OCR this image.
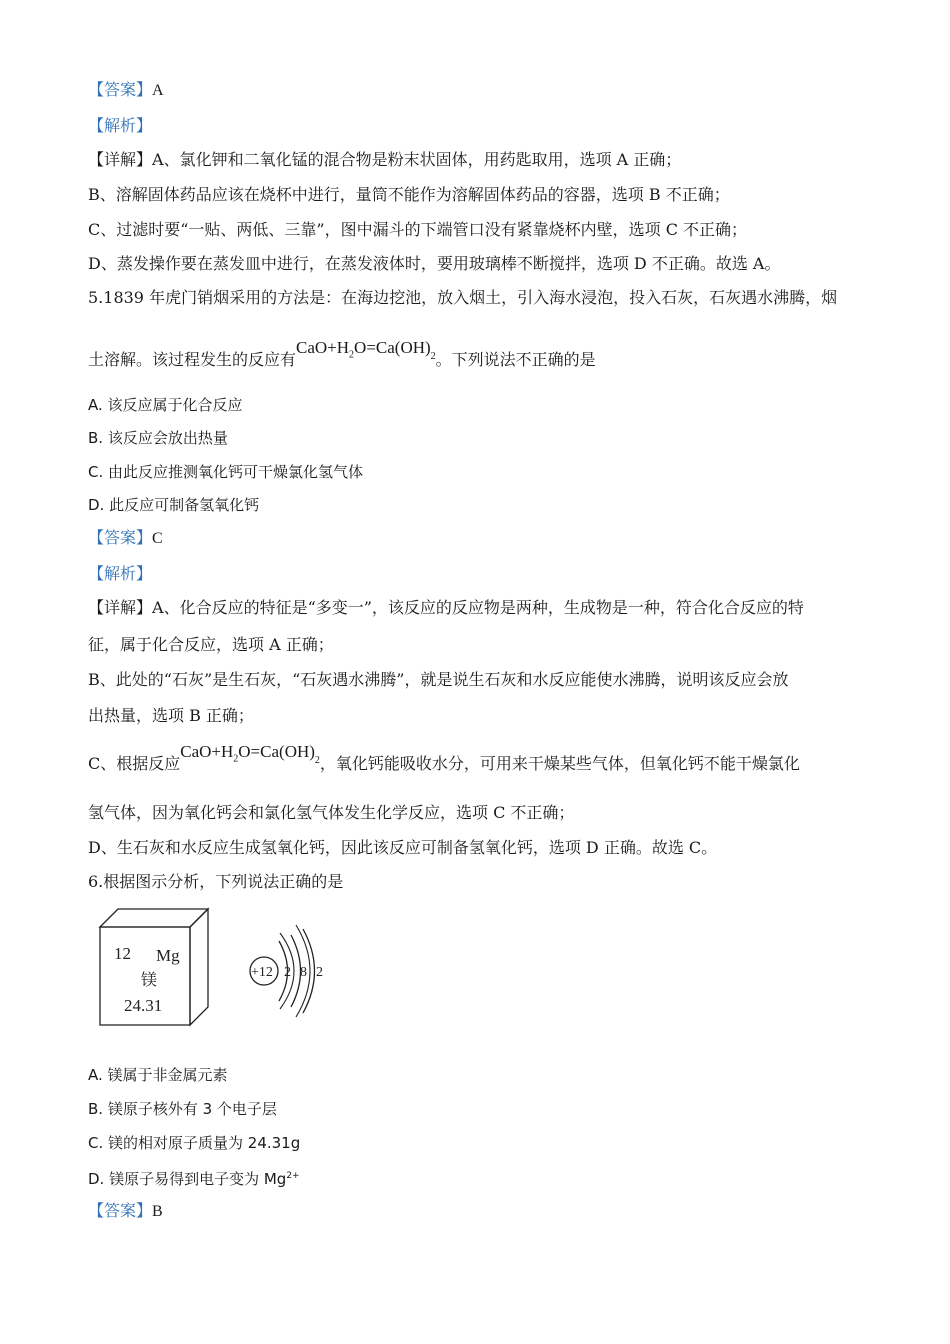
【答案】A
【解析】
【详解】A、氯化钾和二氧化锰的混合物是粉末状固体，用药匙取用，选项 A 正确；
B、溶解固体药品应该在烧杯中进行，量筒不能作为溶解固体药品的容器，选项 B 不正确；
C、过滤时要“一贴、两低、三靠”，图中漏斗的下端管口没有紧靠烧杯内壁，选项 C 不正确；
D、蒸发操作要在蒸发皿中进行，在蒸发液体时，要用玻璃棒不断搅拌，选项 D 不正确。故选 A。
5.1839 年虎门销烟采用的方法是：在海边挖池，放入烟土，引入海水浸泡，投入石灰，石灰遇水沸腾，烟
土溶解。该过程发生的反应有$CaO+H_2O=Ca(OH)_2$。下列说法不正确的是
A. 该反应属于化合反应
B. 该反应会放出热量
C. 由此反应推测氧化钙可干燥氯化氢气体
D. 此反应可制备氢氧化钙
【答案】C
【解析】
【详解】A、化合反应的特征是“多变一”，该反应的反应物是两种，生成物是一种，符合化合反应的特
征，属于化合反应，选项 A 正确；
B、此处的“石灰”是生石灰，“石灰遇水沸腾”，就是说生石灰和水反应能使水沸腾，说明该反应会放
出热量，选项 B 正确；
C、根据反应$CaO+H_2O=Ca(OH)_2$，氧化钙能吸收水分，可用来干燥某些气体，但氧化钙不能干燥氯化
氢气体，因为氧化钙会和氯化氢气体发生化学反应，选项 C 不正确；
D、生石灰和水反应生成氢氧化钙，因此该反应可制备氢氧化钙，选项 D 正确。故选 C。
6.根据图示分析，下列说法正确的是
12 Mg
镁
24.31
+12 2 8 2
A. 镁属于非金属元素
B. 镁原子核外有 3 个电子层
C. 镁的相对原子质量为 24.31g
D. 镁原子易得到电子变为 $Mg^{2+}$
【答案】B
